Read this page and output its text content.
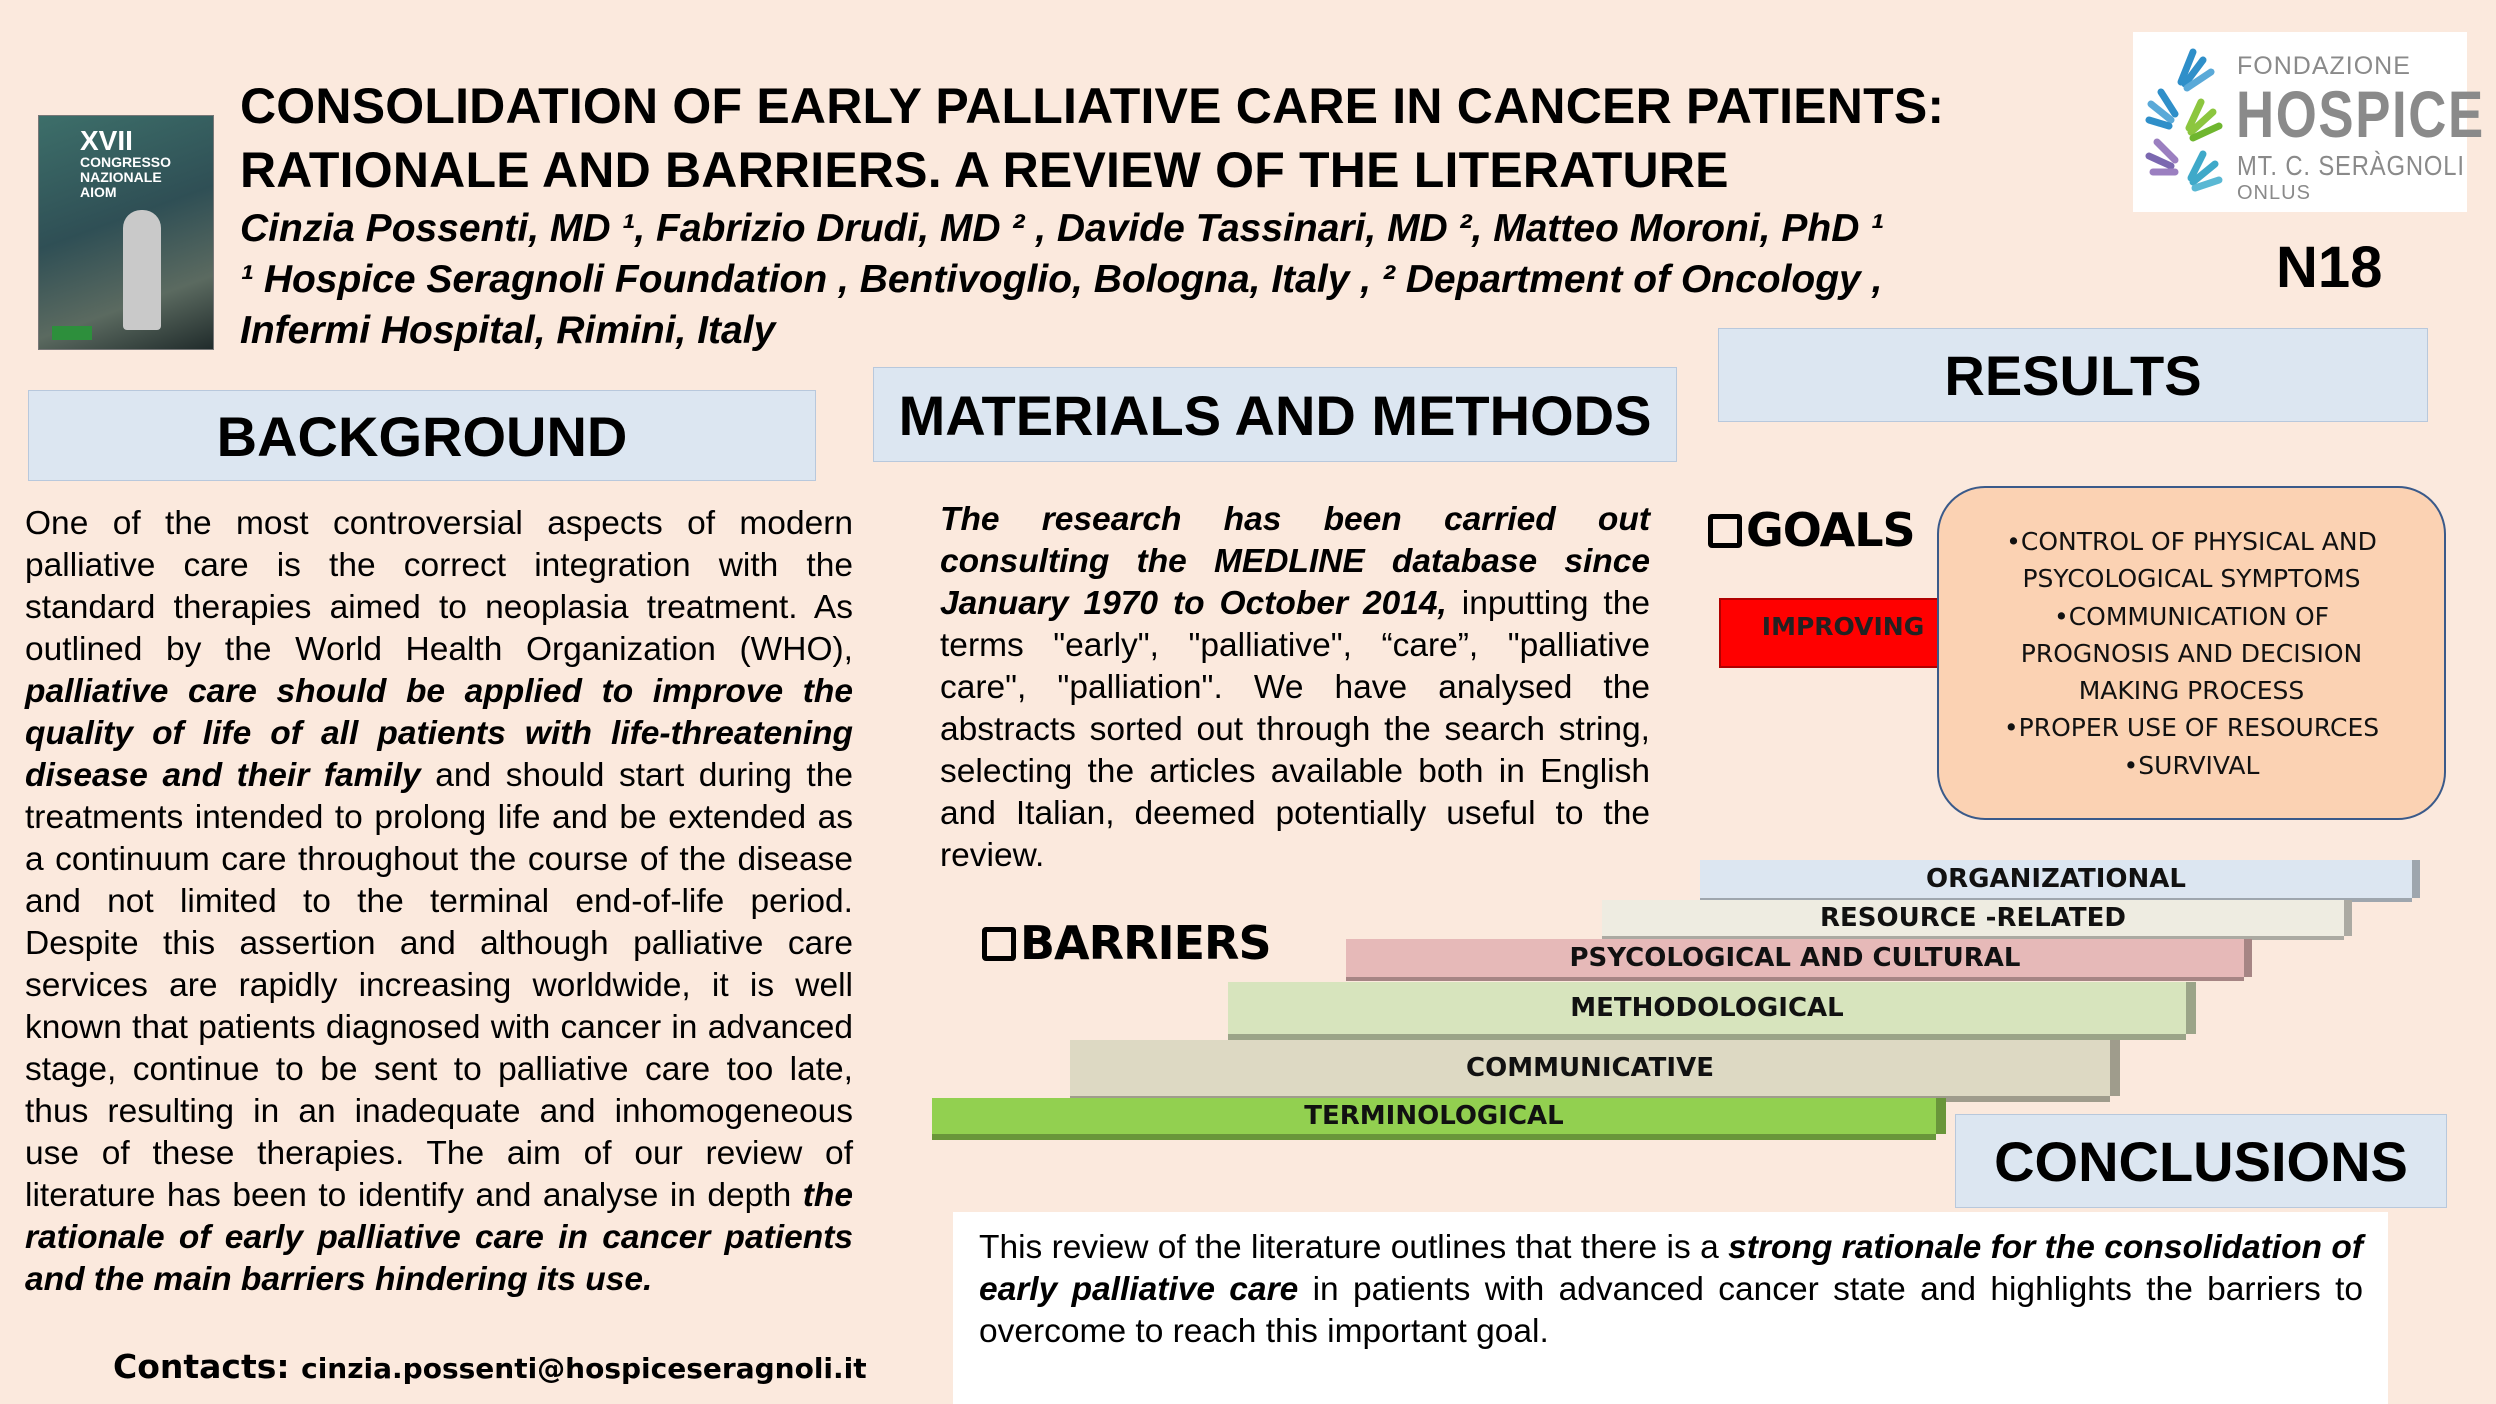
XVII
CONGRESSO
NAZIONALE
AIOM
CONSOLIDATION OF EARLY PALLIATIVE CARE IN CANCER PATIENTS:
RATIONALE AND BARRIERS. A REVIEW OF THE LITERATURE
Cinzia Possenti, MD ¹, Fabrizio Drudi, MD ² , Davide Tassinari, MD ², Matteo Moroni, PhD ¹
¹ Hospice Seragnoli Foundation , Bentivoglio, Bologna, Italy , ² Department of Oncology ,
Infermi Hospital, Rimini, Italy
FONDAZIONE
HOSPICE
MT. C. SERÀGNOLI
ONLUS
N18
BACKGROUND
One of the most controversial aspects of modern palliative care is the correct integration with the standard therapies aimed to neoplasia treatment. As outlined by the World Health Organization (WHO), palliative care should be applied to improve the quality of life of all patients with life-threatening disease and their family and should start during the treatments intended to prolong life and be extended as a continuum care throughout the course of the disease and not limited to the terminal end-of-life period. Despite this assertion and although palliative care services are rapidly increasing worldwide, it is well known that patients diagnosed with cancer in advanced stage, continue to be sent to palliative care too late, thus resulting in an inadequate and inhomogeneous use of these therapies. The aim of our review of literature has been to identify and analyse in depth the rationale of early palliative care in cancer patients and the main barriers hindering its use.
Contacts: cinzia.possenti@hospiceseragnoli.it
MATERIALS AND METHODS
The research has been carried out consulting the MEDLINE database since January 1970 to October 2014, inputting the terms "early", "palliative", “care”, "palliative care", "palliation". We have analysed the abstracts sorted out through the search string, selecting the articles available both in English and Italian, deemed potentially useful to the review.
RESULTS
GOALS
IMPROVING
•CONTROL OF PHYSICAL AND
PSYCOLOGICAL SYMPTOMS
•COMMUNICATION OF
PROGNOSIS AND DECISION
MAKING PROCESS
•PROPER USE OF RESOURCES
•SURVIVAL
BARRIERS
ORGANIZATIONAL
RESOURCE -RELATED
PSYCOLOGICAL AND CULTURAL
METHODOLOGICAL
COMMUNICATIVE
TERMINOLOGICAL
CONCLUSIONS
This review of the literature outlines that there is a strong rationale for the consolidation of early palliative care in patients with advanced cancer state and highlights the barriers to overcome to reach this important goal.
